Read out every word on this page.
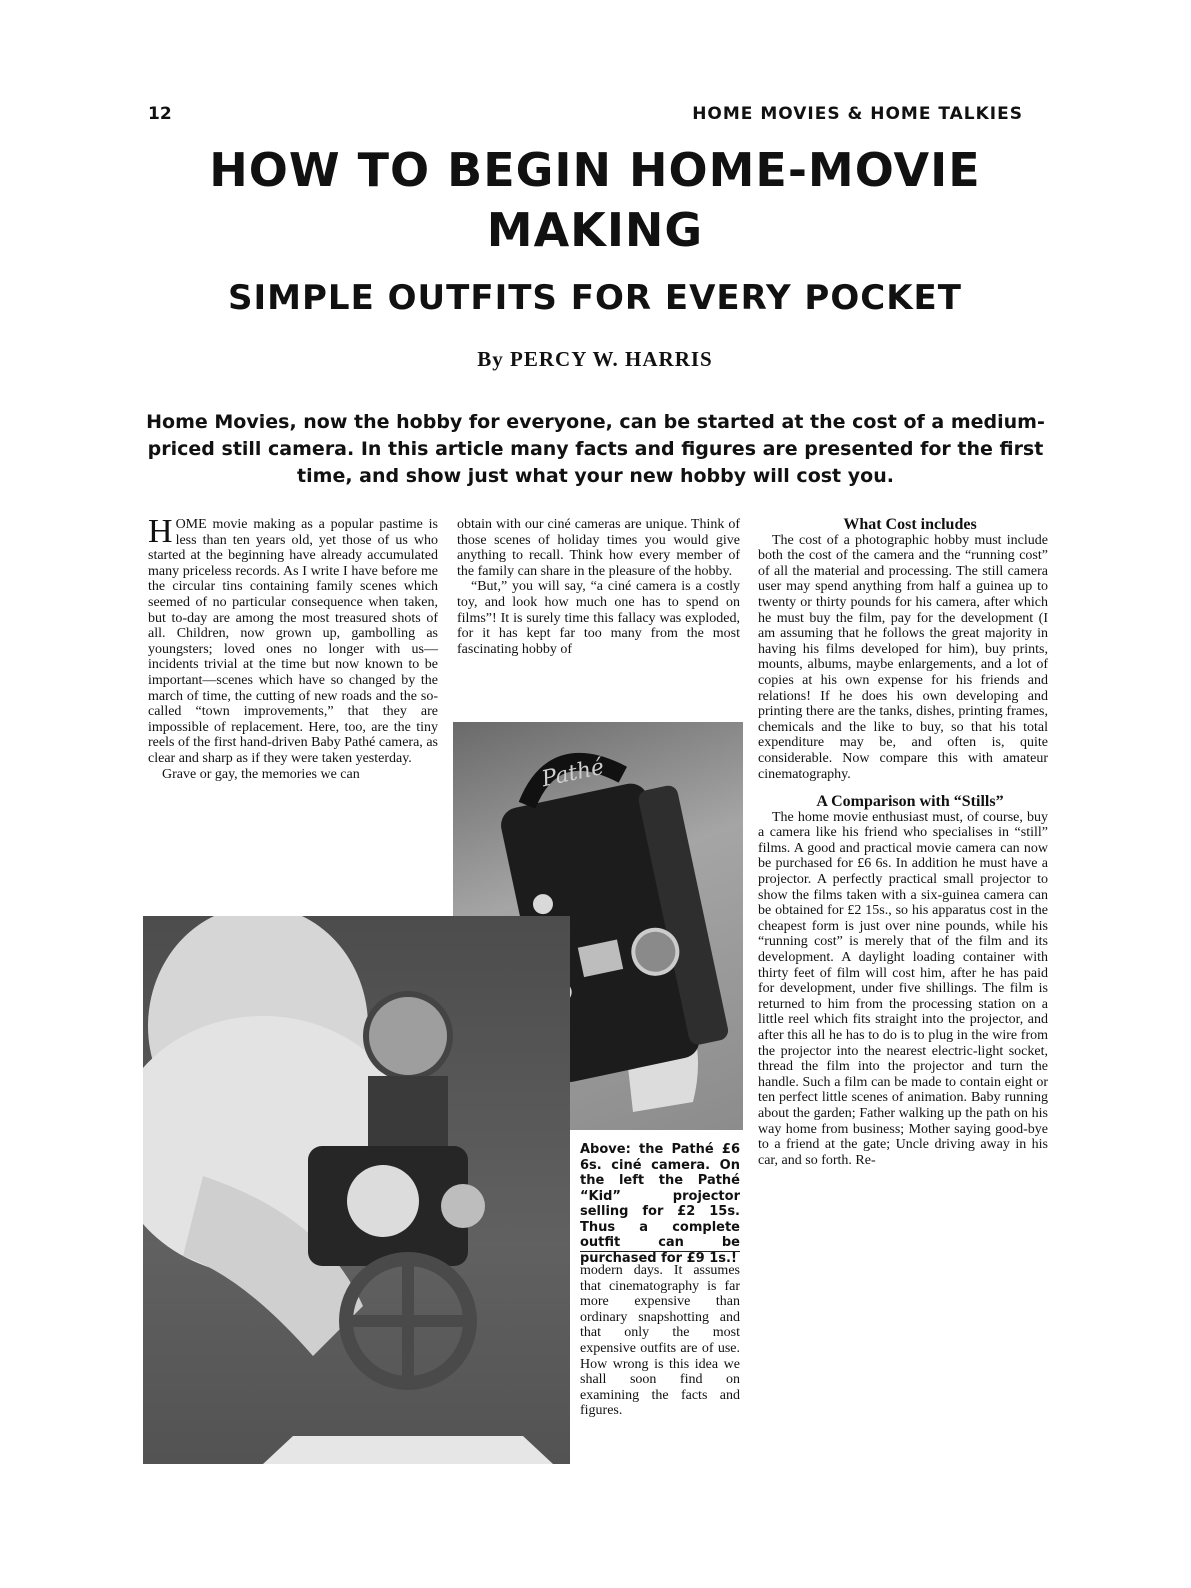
12	HOME MOVIES & HOME TALKIES
HOW TO BEGIN HOME-MOVIE
MAKING
SIMPLE OUTFITS FOR EVERY POCKET
By PERCY W. HARRIS
Home Movies, now the hobby for everyone, can be started at the cost of a medium-priced still camera. In this article many facts and figures are presented for the first time, and show just what your new hobby will cost you.

HOME movie making as a popular pastime is less than ten years old, yet those of us who started at the beginning have already accumulated many priceless records. As I write I have before me the circular tins containing family scenes which seemed of no particular consequence when taken, but to-day are among the most treasured shots of all. Children, now grown up, gambolling as youngsters; loved ones no longer with us—incidents trivial at the time but now known to be important—scenes which have so changed by the march of time, the cutting of new roads and the so-called “town improvements,” that they are impossible of replacement. Here, too, are the tiny reels of the first hand-driven Baby Pathé camera, as clear and sharp as if they were taken yesterday.

Grave or gay, the memories we can

obtain with our ciné cameras are unique. Think of those scenes of holiday times you would give anything to recall. Think how every member of the family can share in the pleasure of the hobby.

“But,” you will say, “a ciné camera is a costly toy, and look how much one has to spend on films”! It is surely time this fallacy was exploded, for it has kept far too many from the most fascinating hobby of

Pathé
Above: the Pathé £6 6s. ciné camera. On the left the Pathé “Kid” projector selling for £2 15s. Thus a complete outfit can be purchased for £9 1s.!

modern days. It assumes that cinematography is far more expensive than ordinary snapshotting and that only the most expensive outfits are of use. How wrong is this idea we shall soon find on examining the facts and figures.

What Cost includes

The cost of a photographic hobby must include both the cost of the camera and the “running cost” of all the material and processing. The still camera user may spend anything from half a guinea up to twenty or thirty pounds for his camera, after which he must buy the film, pay for the development (I am assuming that he follows the great majority in having his films developed for him), buy prints, mounts, albums, maybe enlargements, and a lot of copies at his own expense for his friends and relations! If he does his own developing and printing there are the tanks, dishes, printing frames, chemicals and the like to buy, so that his total expenditure may be, and often is, quite considerable. Now compare this with amateur cinematography.

A Comparison with “Stills”

The home movie enthusiast must, of course, buy a camera like his friend who specialises in “still” films. A good and practical movie camera can now be purchased for £6 6s. In addition he must have a projector. A perfectly practical small projector to show the films taken with a six-guinea camera can be obtained for £2 15s., so his apparatus cost in the cheapest form is just over nine pounds, while his “running cost” is merely that of the film and its development. A daylight loading container with thirty feet of film will cost him, after he has paid for development, under five shillings. The film is returned to him from the processing station on a little reel which fits straight into the projector, and after this all he has to do is to plug in the wire from the projector into the nearest electric-light socket, thread the film into the projector and turn the handle. Such a film can be made to contain eight or ten perfect little scenes of animation. Baby running about the garden; Father walking up the path on his way home from business; Mother saying good-bye to a friend at the gate; Uncle driving away in his car, and so forth. Re-
